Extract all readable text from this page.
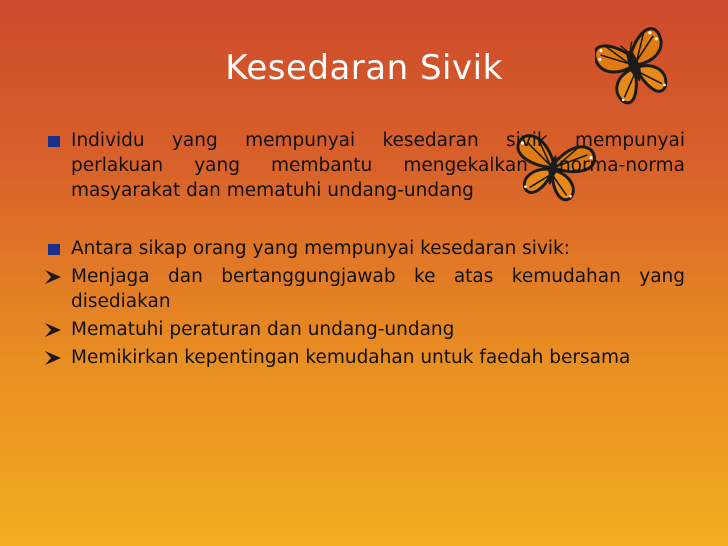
Kesedaran Sivik
Individu yang mempunyai kesedaran sivik mempunyai
perlakuan yang membantu mengekalkan norma-norma
masyarakat dan mematuhi undang-undang
Antara sikap orang yang mempunyai kesedaran sivik:
Menjaga dan bertanggungjawab ke atas kemudahan yang
disediakan
Mematuhi peraturan dan undang-undang
Memikirkan kepentingan kemudahan untuk faedah bersama
